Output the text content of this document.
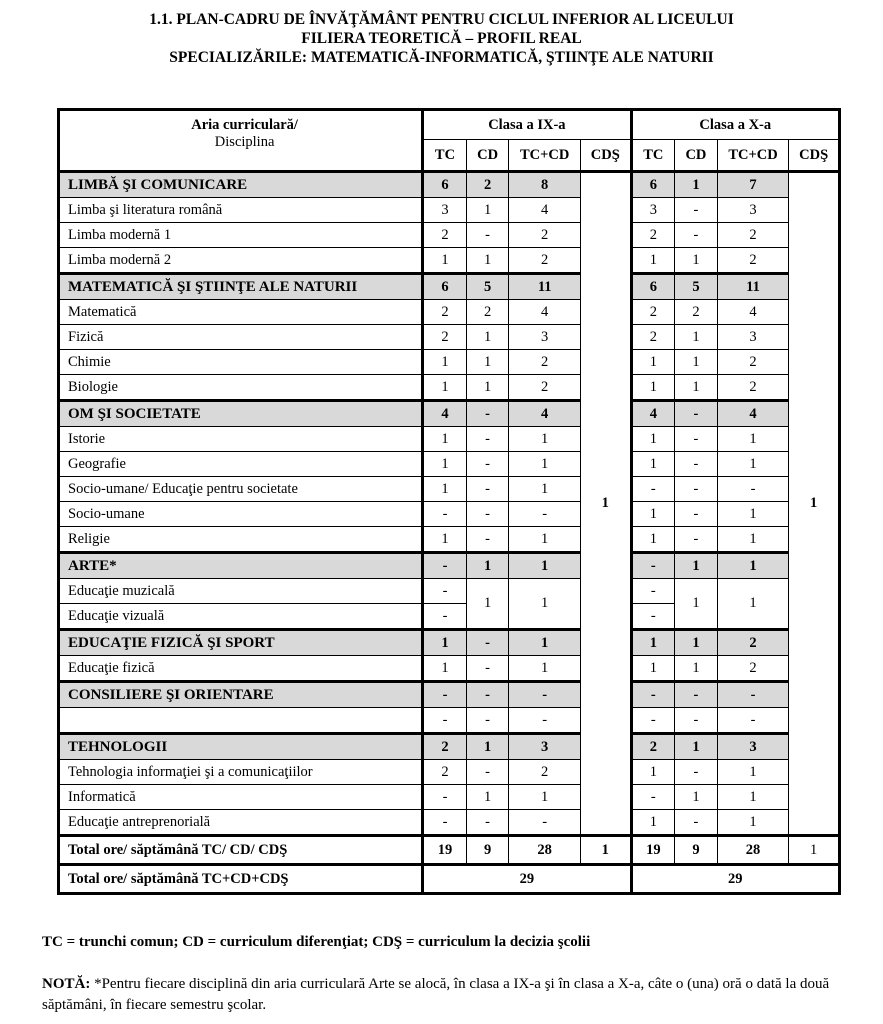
1.1. PLAN-CADRU DE ÎNVĂŢĂMÂNT PENTRU CICLUL INFERIOR AL LICEULUI
FILIERA TEORETICĂ – PROFIL REAL
SPECIALIZĂRILE: MATEMATICĂ-INFORMATICĂ, ŞTIINŢE ALE NATURII
Aria curriculară/
Disciplina	Clasa a IX-a				Clasa a X-a			
	TC	CD	TC+CD	CDŞ	TC	CD	TC+CD	CDŞ
LIMBĂ ŞI COMUNICARE	6	2	8	1	6	1	7	1
Limba şi literatura română	3	1	4		3	-	3	
Limba modernă 1	2	-	2		2	-	2	
Limba modernă 2	1	1	2		1	1	2	
MATEMATICĂ ŞI ŞTIINŢE ALE NATURII	6	5	11		6	5	11	
Matematică	2	2	4		2	2	4	
Fizică	2	1	3		2	1	3	
Chimie	1	1	2		1	1	2	
Biologie	1	1	2		1	1	2	
OM ŞI SOCIETATE	4	-	4		4	-	4	
Istorie	1	-	1		1	-	1	
Geografie	1	-	1		1	-	1	
Socio-umane/ Educaţie pentru societate	1	-	1		-	-	-	
Socio-umane	-	-	-		1	-	1	
Religie	1	-	1		1	-	1	
ARTE*	-	1	1		-	1	1	
Educaţie muzicală	-	1	1		-	1	1	
Educaţie vizuală	-				-			
EDUCAŢIE FIZICĂ ŞI SPORT	1	-	1		1	1	2	
Educaţie fizică	1	-	1		1	1	2	
CONSILIERE ŞI ORIENTARE	-	-	-		-	-	-	
	-	-	-		-	-	-	
TEHNOLOGII	2	1	3		2	1	3	
Tehnologia informaţiei şi a comunicaţiilor	2	-	2		1	-	1	
Informatică	-	1	1		-	1	1	
Educaţie antreprenorială	-	-	-		1	-	1	
Total ore/ săptămână TC/ CD/ CDŞ	19	9	28	1	19	9	28	1
Total ore/ săptămână TC+CD+CDŞ	29				29			
TC = trunchi comun; CD = curriculum diferenţiat; CDŞ = curriculum la decizia şcolii
NOTĂ: *Pentru fiecare disciplină din aria curriculară Arte se alocă, în clasa a IX-a şi în clasa a X-a, câte o (una) oră o dată la două săptămâni, în fiecare semestru şcolar.
